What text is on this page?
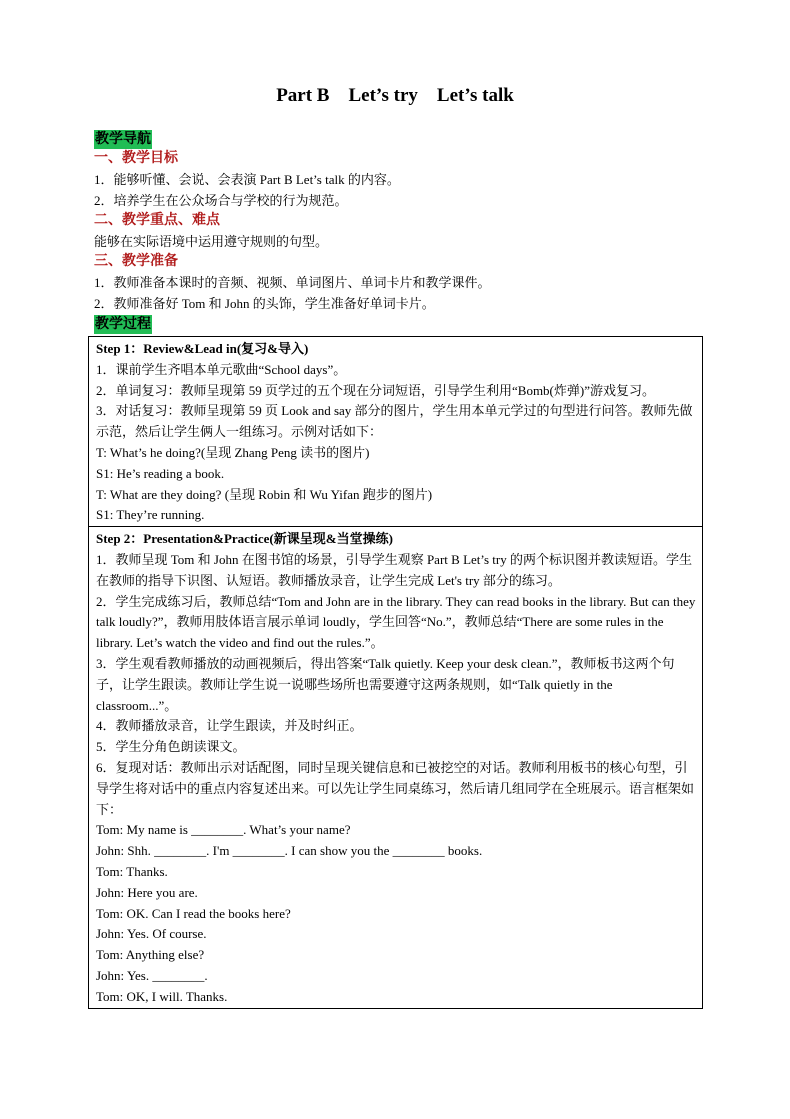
Part B    Let’s try    Let’s talk
教学导航
一、教学目标
1．能够听懂、会说、会表演 Part B Let’s talk 的内容。
2．培养学生在公众场合与学校的行为规范。
二、教学重点、难点
能够在实际语境中运用遵守规则的句型。
三、教学准备
1．教师准备本课时的音频、视频、单词图片、单词卡片和教学课件。
2．教师准备好 Tom 和 John 的头饰，学生准备好单词卡片。
教学过程
Step 1：Review&Lead in(复习&导入)
1．课前学生齐唱本单元歌曲“School days”。
2．单词复习：教师呈现第 59 页学过的五个现在分词短语，引导学生利用“Bomb(炸弹)”游戏复习。
3．对话复习：教师呈现第 59 页 Look and say 部分的图片，学生用本单元学过的句型进行问答。教师先做示范，然后让学生俩人一组练习。示例对话如下：
T: What’s he doing?(呈现 Zhang Peng 读书的图片)
S1: He’s reading a book.
T: What are they doing? (呈现 Robin 和 Wu Yifan 跑步的图片)
S1: They’re running.

Step 2：Presentation&Practice(新课呈现&当堂操练)
1．教师呈现 Tom 和 John 在图书馆的场景，引导学生观察 Part B Let’s try 的两个标识图并教读短语。学生在教师的指导下识图、认短语。教师播放录音，让学生完成 Let's try 部分的练习。
2．学生完成练习后，教师总结“Tom and John are in the library. They can read books in the library. But can they talk loudly?”，教师用肢体语言展示单词 loudly，学生回答“No.”，教师总结“There are some rules in the library. Let’s watch the video and find out the rules.”。
3．学生观看教师播放的动画视频后，得出答案“Talk quietly. Keep your desk clean.”，教师板书这两个句子，让学生跟读。教师让学生说一说哪些场所也需要遵守这两条规则，如“Talk quietly in the classroom...”。
4．教师播放录音，让学生跟读，并及时纠正。
5．学生分角色朗读课文。
6．复现对话：教师出示对话配图，同时呈现关键信息和已被挖空的对话。教师利用板书的核心句型，引导学生将对话中的重点内容复述出来。可以先让学生同桌练习，然后请几组同学在全班展示。语言框架如下：
Tom: My name is ________. What’s your name?
John: Shh. ________. I'm ________. I can show you the ________ books.
Tom: Thanks.
John: Here you are.
Tom: OK. Can I read the books here?
John: Yes. Of course.
Tom: Anything else?
John: Yes. ________.
Tom: OK, I will. Thanks.
